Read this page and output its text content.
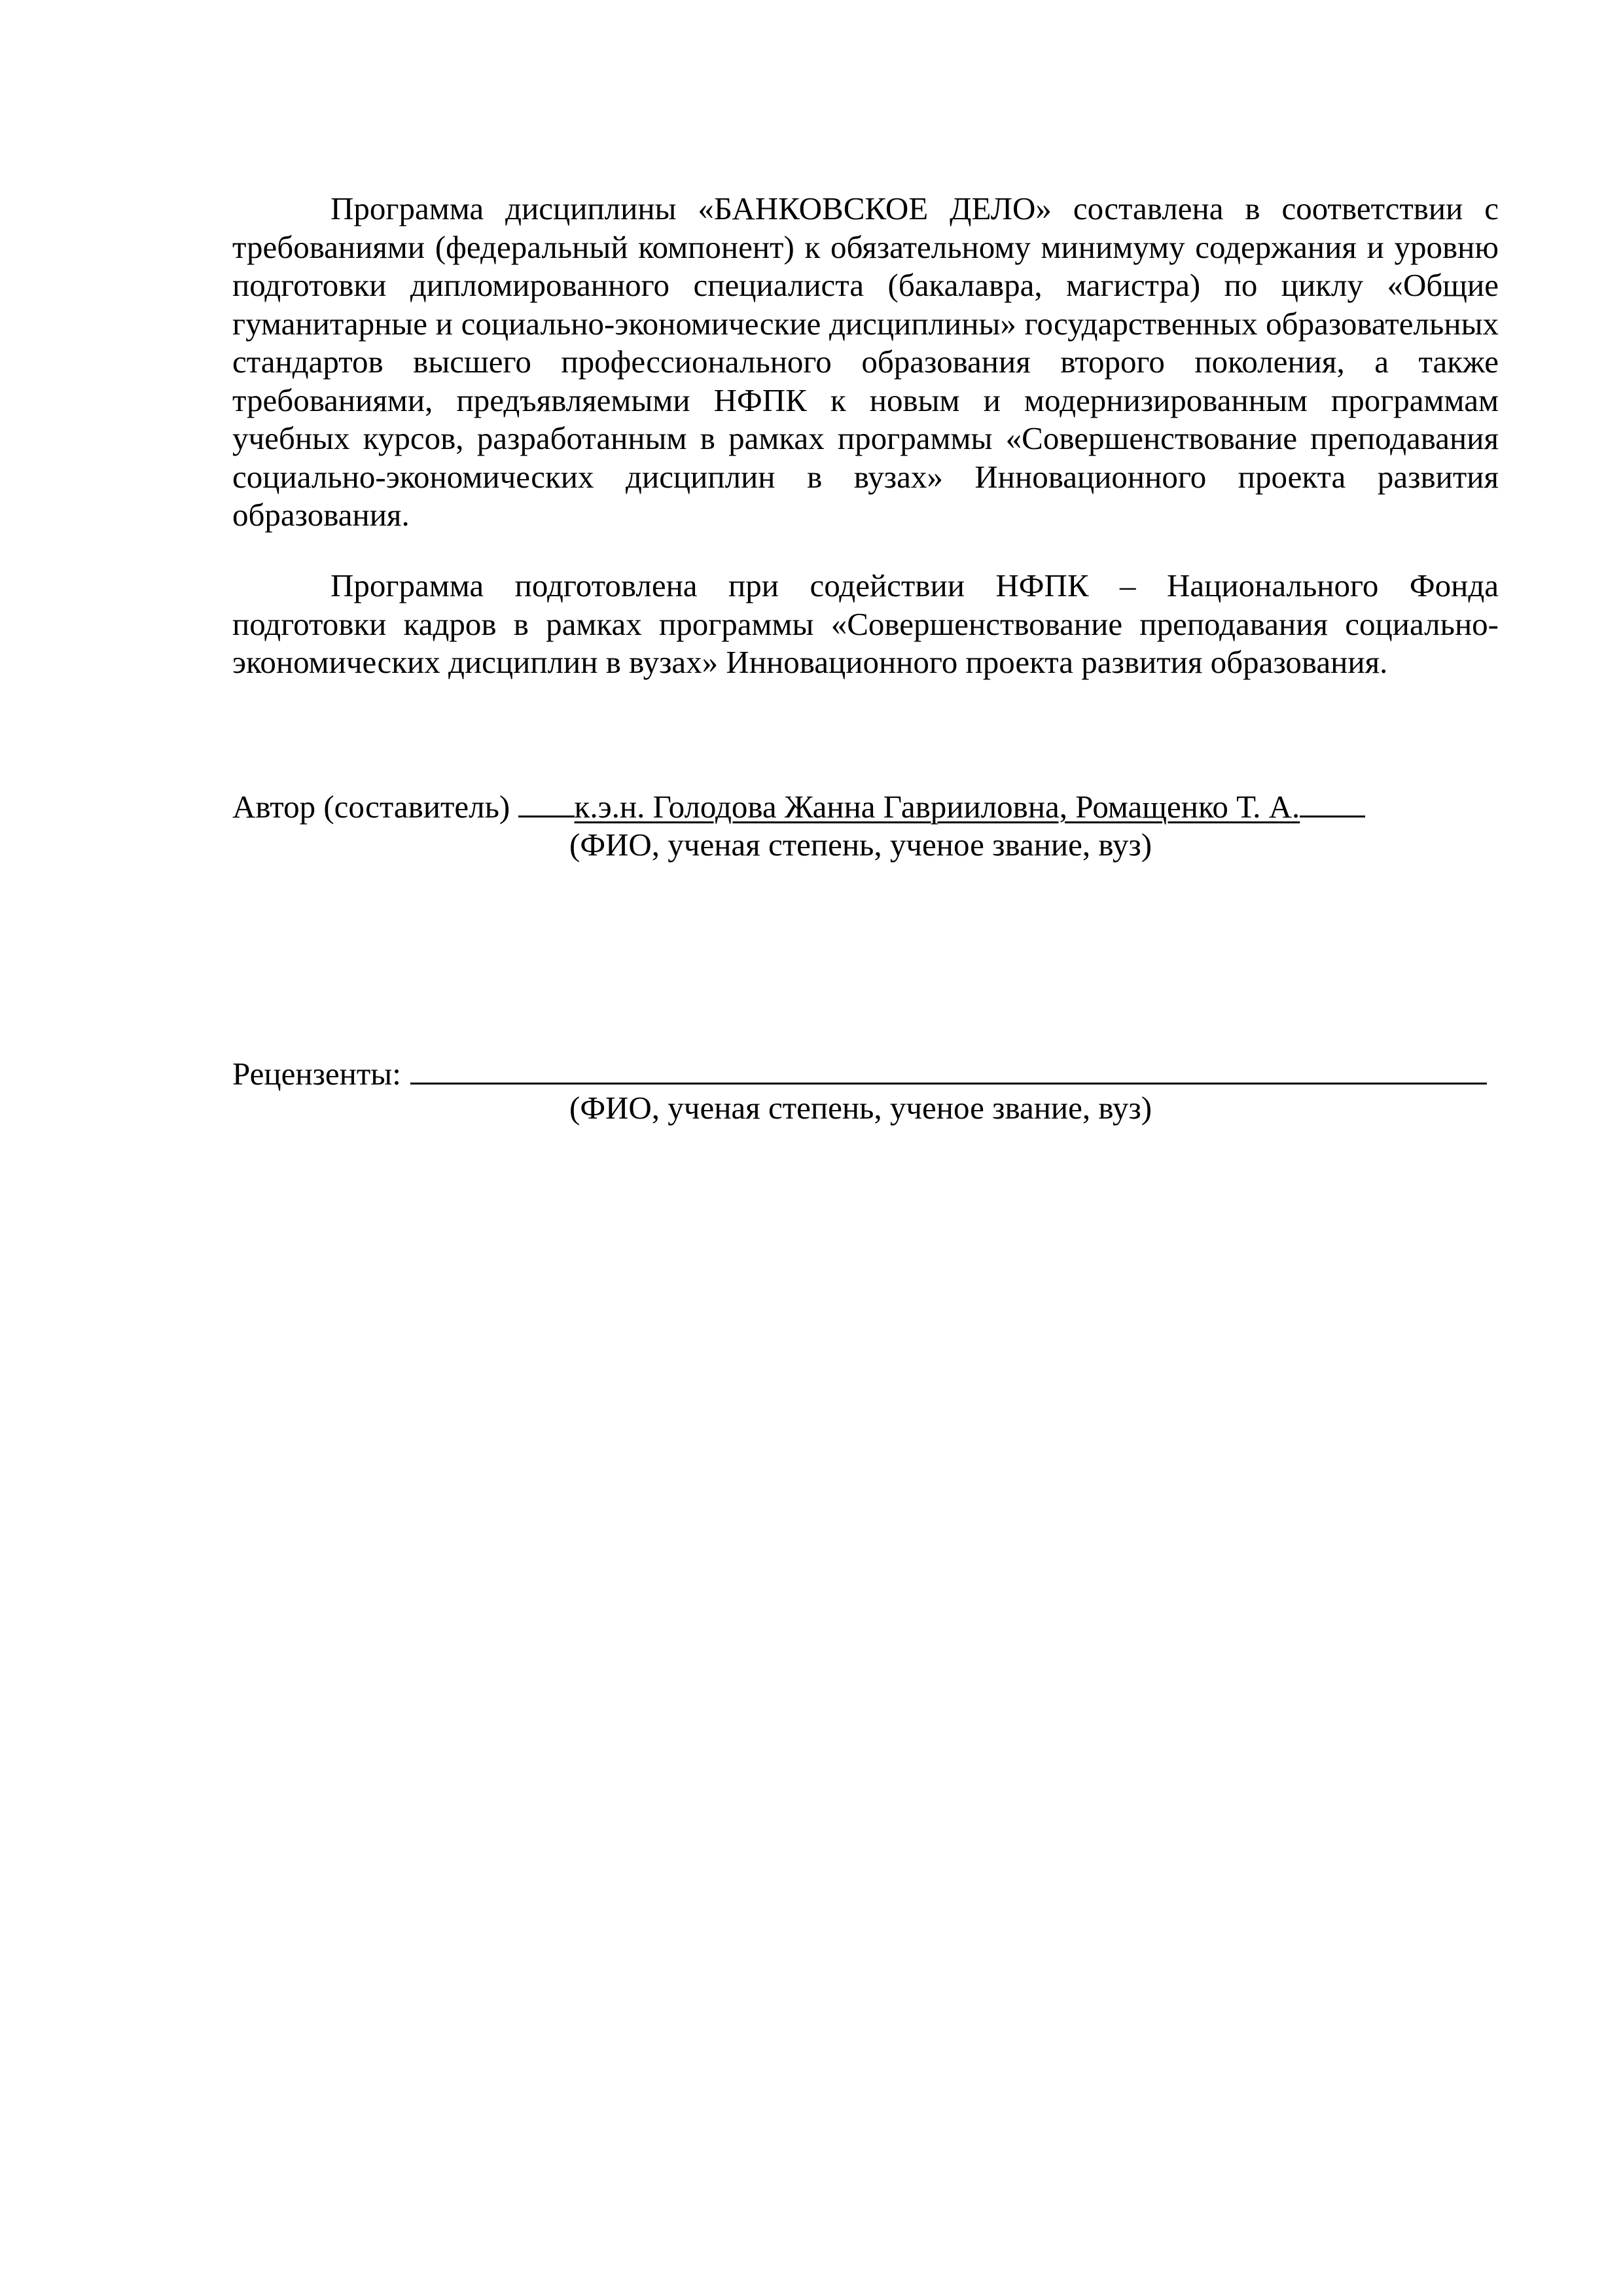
Программа дисциплины «БАНКОВСКОЕ ДЕЛО» составлена в соответствии с требованиями (федеральный компонент) к обязательному минимуму содержания и уровню подготовки дипломированного специалиста (бакалавра, магистра) по циклу «Общие гуманитарные и социально-экономические дисциплины» государственных образовательных стандартов высшего профессионального образования второго поколения, а также требованиями, предъявляемыми НФПК к новым и модернизированным программам учебных курсов, разработанным в рамках программы «Совершенствование преподавания социально-экономических дисциплин в вузах» Инновационного проекта развития образования.

Программа подготовлена при содействии НФПК – Национального Фонда подготовки кадров в рамках программы «Совершенствование преподавания социально-экономических дисциплин в вузах» Инновационного проекта развития образования.

Автор (составитель) к.э.н. Голодова Жанна Гаврииловна, Ромащенко Т. А.
(ФИО, ученая степень, ученое звание, вуз)
Рецензенты:
(ФИО, ученая степень, ученое звание, вуз)
